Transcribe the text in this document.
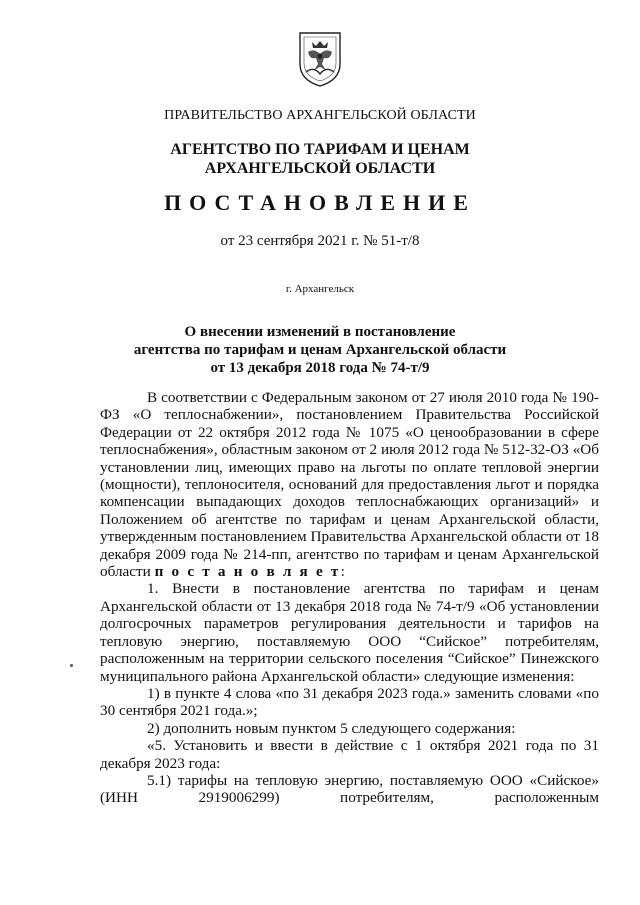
ПРАВИТЕЛЬСТВО АРХАНГЕЛЬСКОЙ ОБЛАСТИ
АГЕНТСТВО ПО ТАРИФАМ И ЦЕНАМ
АРХАНГЕЛЬСКОЙ ОБЛАСТИ
ПОСТАНОВЛЕНИЕ
от 23 сентября 2021 г. № 51-т/8
г. Архангельск
О внесении изменений в постановление
агентства по тарифам и ценам Архангельской области
от 13 декабря 2018 года № 74-т/9

В соответствии с Федеральным законом от 27 июля 2010 года № 190-ФЗ «О теплоснабжении», постановлением Правительства Российской Федерации от 22 октября 2012 года № 1075 «О ценообразовании в сфере теплоснабжения», областным законом от 2 июля 2012 года № 512-32-ОЗ «Об установлении лиц, имеющих право на льготы по оплате тепловой энергии (мощности), теплоносителя, оснований для предоставления льгот и порядка компенсации выпадающих доходов теплоснабжающих организаций» и Положением об агентстве по тарифам и ценам Архангельской области, утвержденным постановлением Правительства Архангельской области от 18 декабря 2009 года № 214-пп, агентство по тарифам и ценам Архангельской области п о с т а н о в л я е т:

1. Внести в постановление агентства по тарифам и ценам Архангельской области от 13 декабря 2018 года № 74-т/9 «Об установлении долгосрочных параметров регулирования деятельности и тарифов на тепловую энергию, поставляемую ООО “Сийское” потребителям, расположенным на территории сельского поселения “Сийское” Пинежского муниципального района Архангельской области» следующие изменения:

1) в пункте 4 слова «по 31 декабря 2023 года.» заменить словами «по 30 сентября 2021 года.»;

2) дополнить новым пунктом 5 следующего содержания:

«5. Установить и ввести в действие с 1 октября 2021 года по 31 декабря 2023 года:

5.1) тарифы на тепловую энергию, поставляемую ООО «Сийское» (ИНН 2919006299) потребителям, расположенным
